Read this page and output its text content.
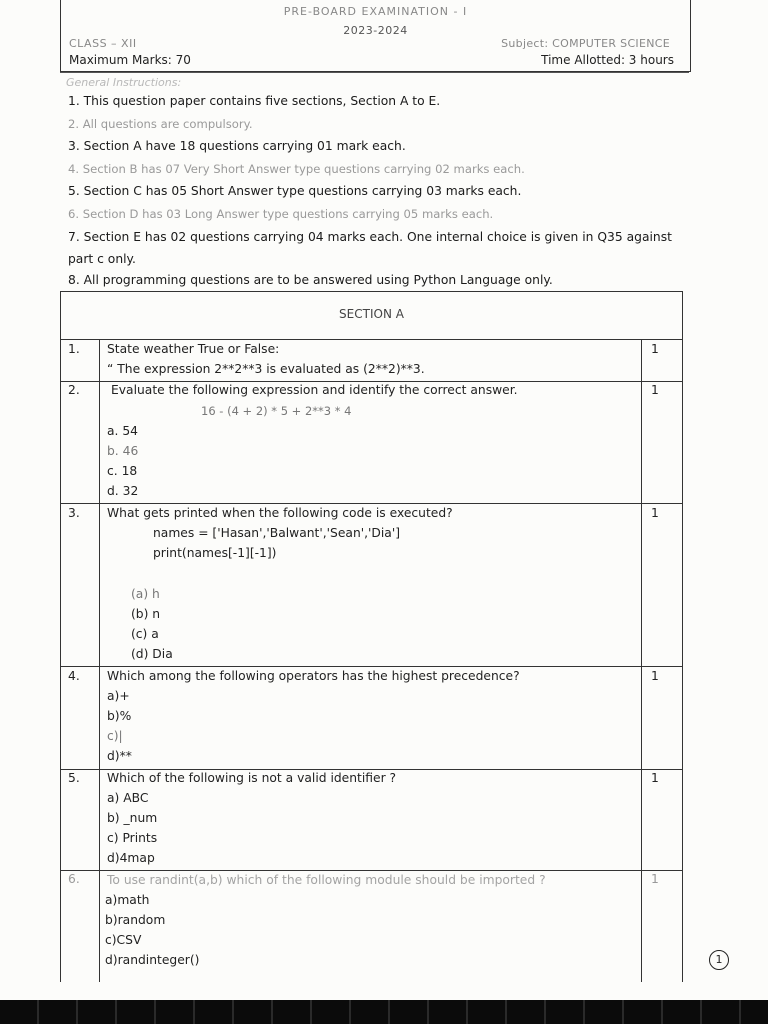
PRE-BOARD EXAMINATION - I
2023-2024
CLASS – XII	Subject: COMPUTER SCIENCE
Maximum Marks: 70	Time Allotted: 3 hours
General Instructions:
1. This question paper contains five sections, Section A to E.
2. All questions are compulsory.
3. Section A have 18 questions carrying 01 mark each.
4. Section B has 07 Very Short Answer type questions carrying 02 marks each.
5. Section C has 05 Short Answer type questions carrying 03 marks each.
6. Section D has 03 Long Answer type questions carrying 05 marks each.
7. Section E has 02 questions carrying 04 marks each. One internal choice is given in Q35 against part c only.
8. All programming questions are to be answered using Python Language only.
SECTION A
1. State weather True or False:
“ The expression 2**2**3 is evaluated as (2**2)**3.
1
2.	Evaluate the following expression and identify the correct answer.
16 - (4 + 2) * 5 + 2**3 * 4
a. 54
b. 46
c. 18
d. 32
1
3. What gets printed when the following code is executed?
names = ['Hasan','Balwant','Sean','Dia']
print(names[-1][-1])
(a) h
(b) n
(c) a
(d) Dia
1
4. Which among the following operators has the highest precedence?
a)+
b)%
c)|
d)**
1
5. Which of the following is not a valid identifier ?
a) ABC
b) _num
c) Prints
d)4map
1
6. To use randint(a,b) which of the following module should be imported ?
a)math
b)random
c)CSV
d)randinteger()
1
1
